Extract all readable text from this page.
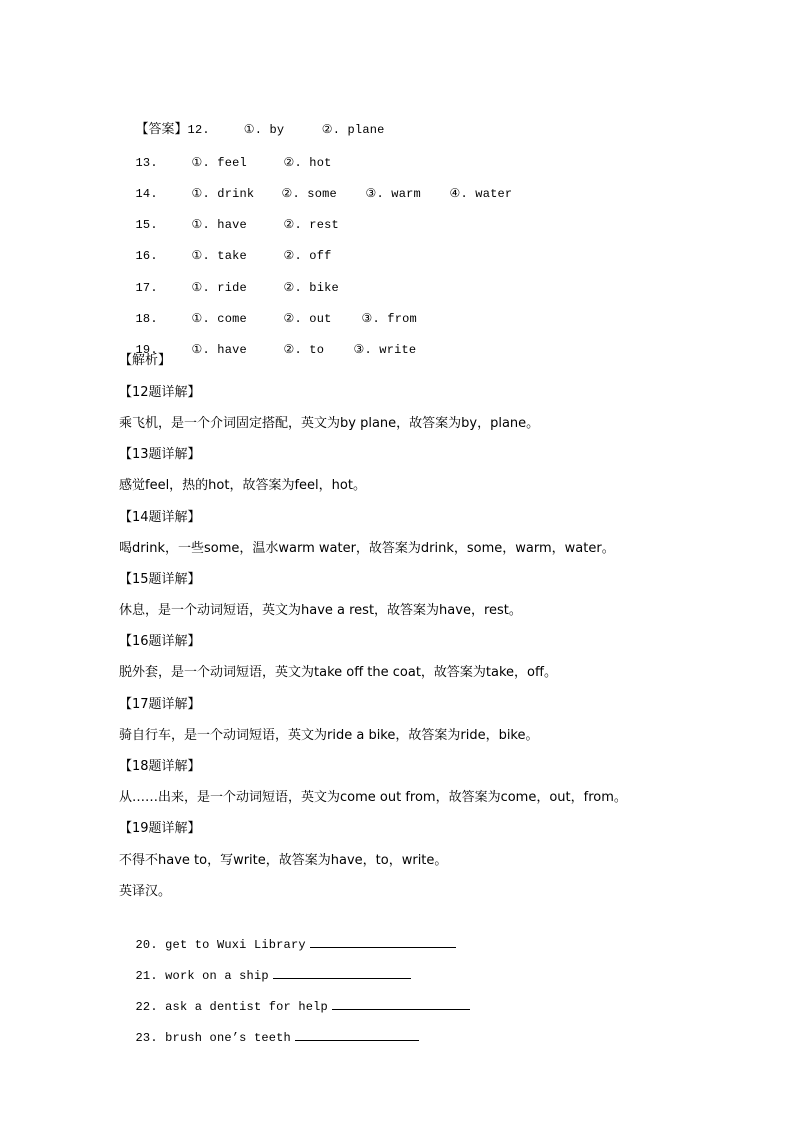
【答案】12.	①. by	②. plane

13.	①. feel	②. hot

14.	①. drink ②. some ③. warm ④. water

15.	①. have	②. rest

16.	①. take	②. off

17.	①. ride	②. bike

18.	①. come	②. out	③. from

19.	①. have	②. to ③. write

【解析】
【12题详解】
乘飞机，是一个介词固定搭配，英文为by plane，故答案为by，plane。
【13题详解】
感觉feel，热的hot，故答案为feel，hot。
【14题详解】
喝drink，一些some，温水warm water，故答案为drink，some，warm，water。
【15题详解】
休息，是一个动词短语，英文为have a rest，故答案为have，rest。
【16题详解】
脱外套，是一个动词短语，英文为take off the coat，故答案为take，off。
【17题详解】
骑自行车，是一个动词短语，英文为ride a bike，故答案为ride，bike。
【18题详解】
从……出来，是一个动词短语，英文为come out from，故答案为come，out，from。
【19题详解】
不得不have to，写write，故答案为have，to，write。
英译汉。

20. get to Wuxi Library

21. work on a ship

22. ask a dentist for help

23. brush one’s teeth
